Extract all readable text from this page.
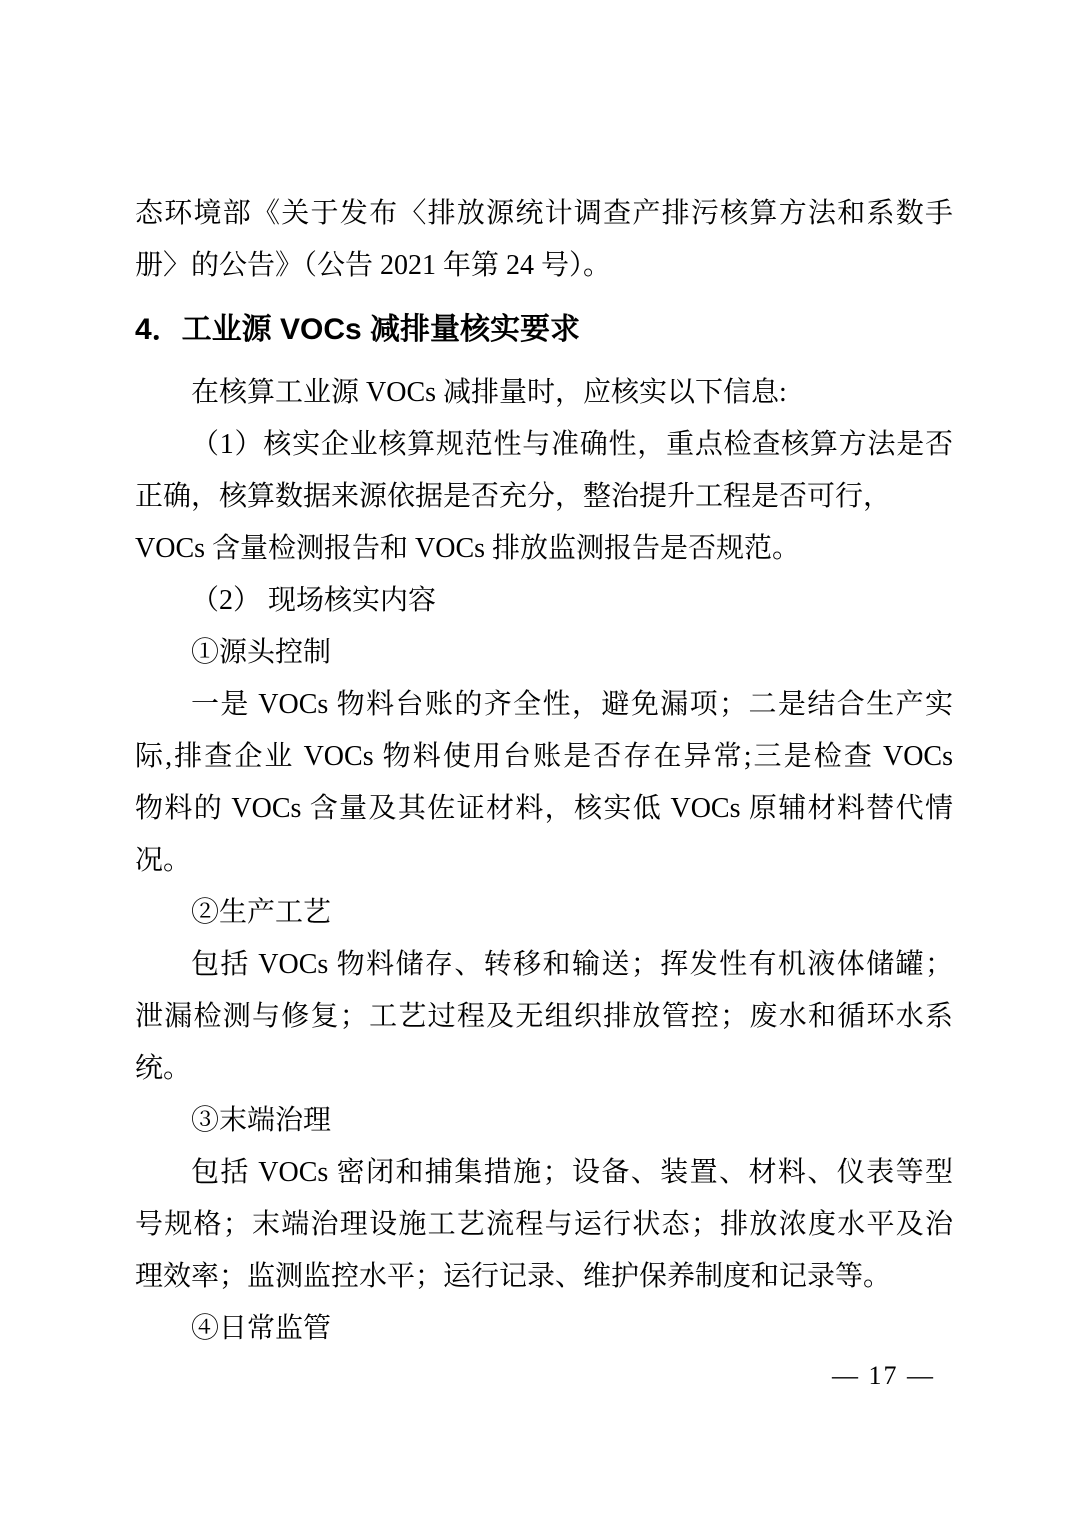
态环境部《关于发布〈排放源统计调查产排污核算方法和系数手
册〉的公告》（公告 2021 年第 24 号）。
4．工业源 VOCs 减排量核实要求
在核算工业源 VOCs 减排量时，应核实以下信息:
（1）核实企业核算规范性与准确性，重点检查核算方法是否
正确，核算数据来源依据是否充分，整治提升工程是否可行，
VOCs 含量检测报告和 VOCs 排放监测报告是否规范。
（2） 现场核实内容
①源头控制
一是 VOCs 物料台账的齐全性，避免漏项；二是结合生产实
际,排查企业 VOCs 物料使用台账是否存在异常;三是检查 VOCs
物料的 VOCs 含量及其佐证材料，核实低 VOCs 原辅材料替代情
况。
②生产工艺
包括 VOCs 物料储存、转移和输送；挥发性有机液体储罐；
泄漏检测与修复；工艺过程及无组织排放管控；废水和循环水系
统。
③末端治理
包括 VOCs 密闭和捕集措施；设备、装置、材料、仪表等型
号规格；末端治理设施工艺流程与运行状态；排放浓度水平及治
理效率；监测监控水平；运行记录、维护保养制度和记录等。
④日常监管
— 17 —
